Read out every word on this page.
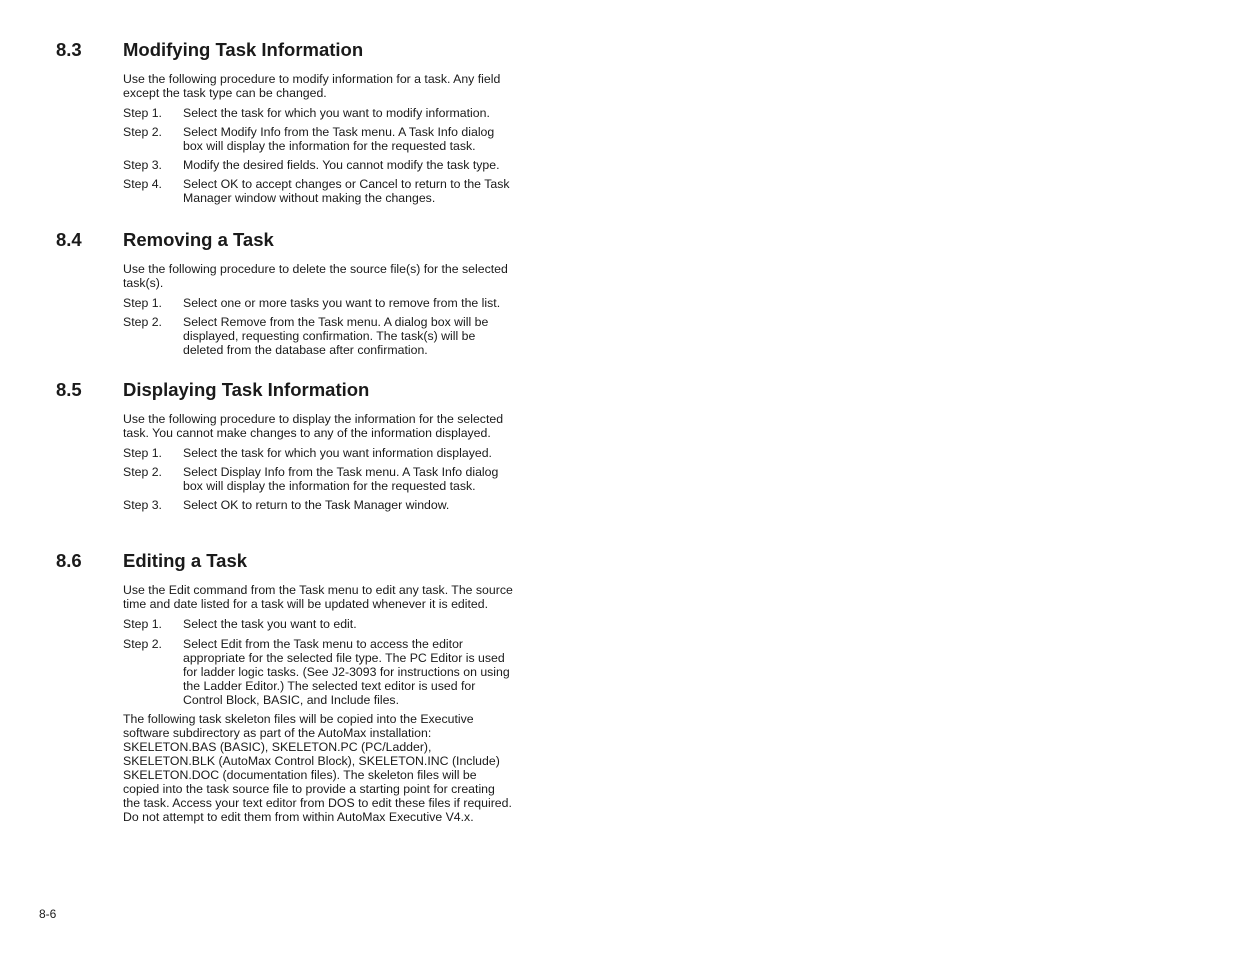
8.3 Modifying Task Information

Use the following procedure to modify information for a task. Any field except the task type can be changed.

Step 1. Select the task for which you want to modify information.
Step 2. Select Modify Info from the Task menu. A Task Info dialog box will display the information for the requested task.
Step 3. Modify the desired fields. You cannot modify the task type.
Step 4. Select OK to accept changes or Cancel to return to the Task Manager window without making the changes.
8.4 Removing a Task

Use the following procedure to delete the source file(s) for the selected task(s).

Step 1. Select one or more tasks you want to remove from the list.
Step 2. Select Remove from the Task menu. A dialog box will be displayed, requesting confirmation. The task(s) will be deleted from the database after confirmation.
8.5 Displaying Task Information

Use the following procedure to display the information for the selected task. You cannot make changes to any of the information displayed.

Step 1. Select the task for which you want information displayed.
Step 2. Select Display Info from the Task menu. A Task Info dialog box will display the information for the requested task.
Step 3. Select OK to return to the Task Manager window.
8.6 Editing a Task

Use the Edit command from the Task menu to edit any task. The source time and date listed for a task will be updated whenever it is edited.

Step 1. Select the task you want to edit.
Step 2. Select Edit from the Task menu to access the editor appropriate for the selected file type. The PC Editor is used for ladder logic tasks. (See J2-3093 for instructions on using the Ladder Editor.) The selected text editor is used for Control Block, BASIC, and Include files.

The following task skeleton files will be copied into the Executive software subdirectory as part of the AutoMax installation: SKELETON.BAS (BASIC), SKELETON.PC (PC/Ladder), SKELETON.BLK (AutoMax Control Block), SKELETON.INC (Include) SKELETON.DOC (documentation files). The skeleton files will be copied into the task source file to provide a starting point for creating the task. Access your text editor from DOS to edit these files if required. Do not attempt to edit them from within AutoMax Executive V4.x.

8-6
